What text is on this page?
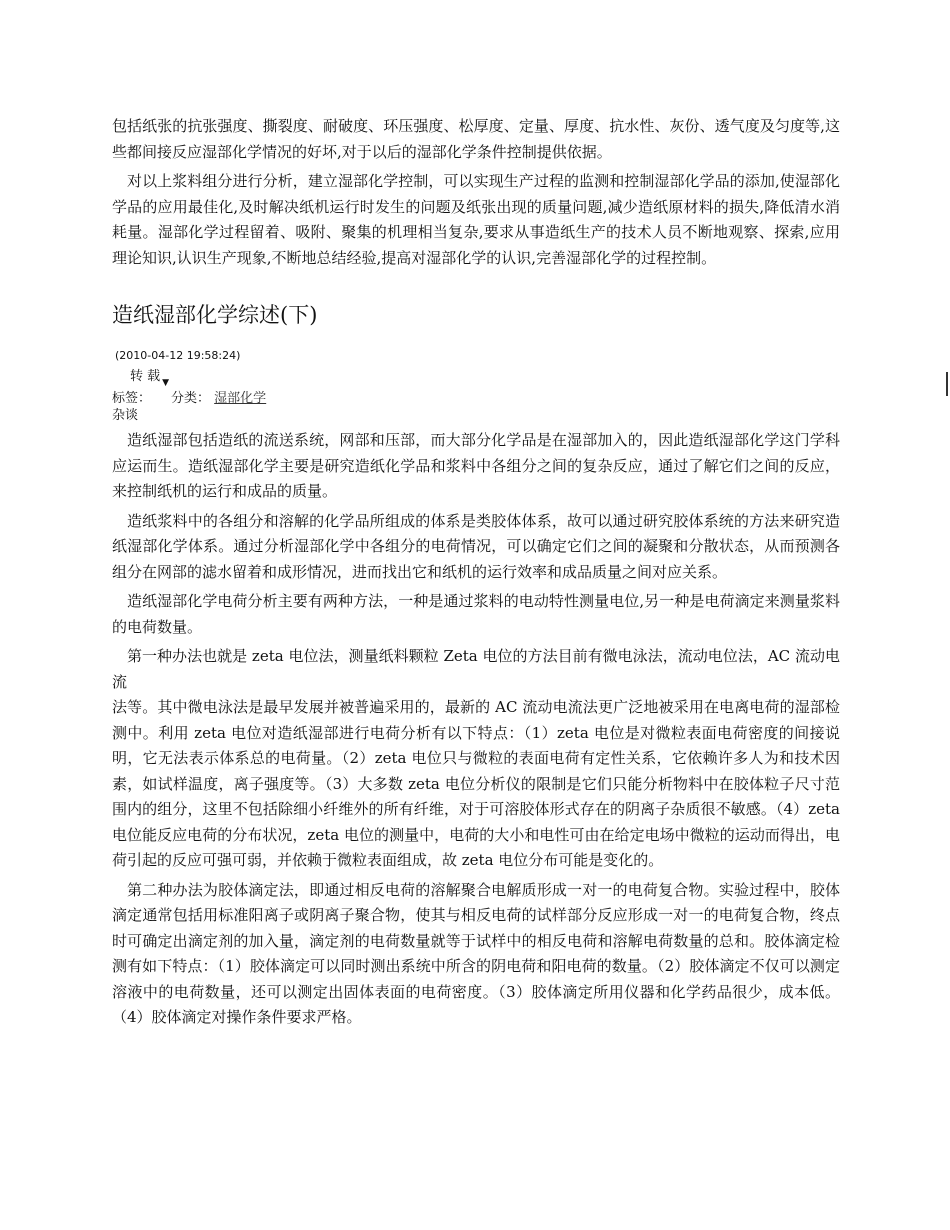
包括纸张的抗张强度、撕裂度、耐破度、环压强度、松厚度、定量、厚度、抗水性、灰份、透气度及匀度等,这些都间接反应湿部化学情况的好坏,对于以后的湿部化学条件控制提供依据。

对以上浆料组分进行分析，建立湿部化学控制，可以实现生产过程的监测和控制湿部化学品的添加,使湿部化学品的应用最佳化,及时解决纸机运行时发生的问题及纸张出现的质量问题,减少造纸原材料的损失,降低清水消耗量。湿部化学过程留着、吸附、聚集的机理相当复杂,要求从事造纸生产的技术人员不断地观察、探索,应用理论知识,认识生产现象,不断地总结经验,提高对湿部化学的认识,完善湿部化学的过程控制。

造纸湿部化学综述(下)
(2010-04-12 19:58:24)
转 载 ▼
标签： 分类： 湿部化学
杂谈

造纸湿部包括造纸的流送系统，网部和压部，而大部分化学品是在湿部加入的，因此造纸湿部化学这门学科应运而生。造纸湿部化学主要是研究造纸化学品和浆料中各组分之间的复杂反应，通过了解它们之间的反应，来控制纸机的运行和成品的质量。

造纸浆料中的各组分和溶解的化学品所组成的体系是类胶体体系，故可以通过研究胶体系统的方法来研究造纸湿部化学体系。通过分析湿部化学中各组分的电荷情况，可以确定它们之间的凝聚和分散状态，从而预测各组分在网部的滤水留着和成形情况，进而找出它和纸机的运行效率和成品质量之间对应关系。

造纸湿部化学电荷分析主要有两种方法，一种是通过浆料的电动特性测量电位,另一种是电荷滴定来测量浆料的电荷数量。

第一种办法也就是 zeta 电位法，测量纸料颗粒 Zeta 电位的方法目前有微电泳法，流动电位法，AC 流动电流

法等。其中微电泳法是最早发展并被普遍采用的，最新的 AC 流动电流法更广泛地被采用在电离电荷的湿部检测中。利用 zeta 电位对造纸湿部进行电荷分析有以下特点：（1）zeta 电位是对微粒表面电荷密度的间接说明，它无法表示体系总的电荷量。（2）zeta 电位只与微粒的表面电荷有定性关系，它依赖许多人为和技术因素，如试样温度，离子强度等。（3）大多数 zeta 电位分析仪的限制是它们只能分析物料中在胶体粒子尺寸范围内的组分，这里不包括除细小纤维外的所有纤维，对于可溶胶体形式存在的阴离子杂质很不敏感。（4）zeta 电位能反应电荷的分布状况，zeta 电位的测量中，电荷的大小和电性可由在给定电场中微粒的运动而得出，电荷引起的反应可强可弱，并依赖于微粒表面组成，故 zeta 电位分布可能是变化的。

第二种办法为胶体滴定法，即通过相反电荷的溶解聚合电解质形成一对一的电荷复合物。实验过程中，胶体滴定通常包括用标准阳离子或阴离子聚合物，使其与相反电荷的试样部分反应形成一对一的电荷复合物，终点时可确定出滴定剂的加入量，滴定剂的电荷数量就等于试样中的相反电荷和溶解电荷数量的总和。胶体滴定检测有如下特点：（1）胶体滴定可以同时测出系统中所含的阴电荷和阳电荷的数量。（2）胶体滴定不仅可以测定溶液中的电荷数量，还可以测定出固体表面的电荷密度。（3）胶体滴定所用仪器和化学药品很少，成本低。（4）胶体滴定对操作条件要求严格。
